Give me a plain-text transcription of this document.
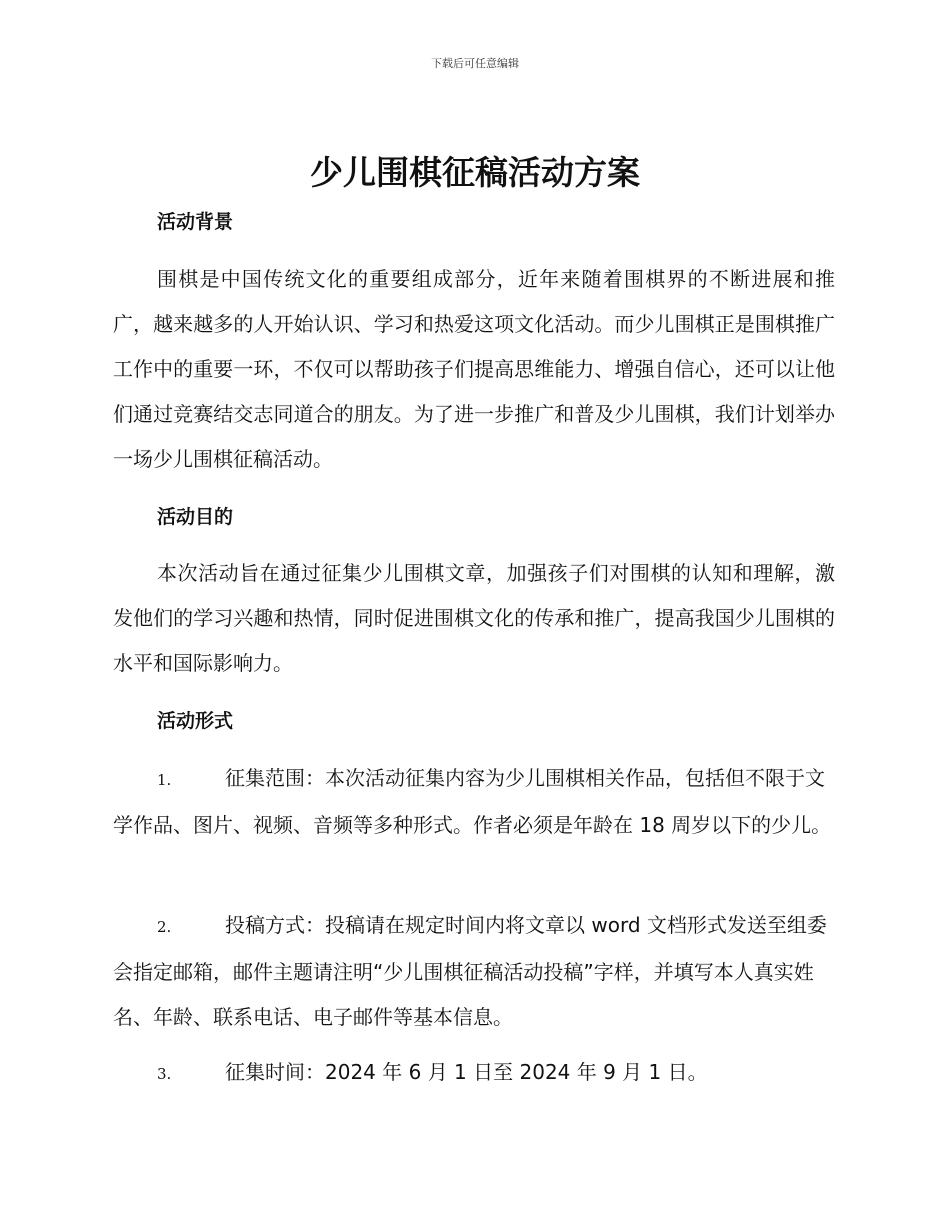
下载后可任意编辑
少儿围棋征稿活动方案
活动背景

围棋是中国传统文化的重要组成部分，近年来随着围棋界的不断进展和推广，越来越多的人开始认识、学习和热爱这项文化活动。而少儿围棋正是围棋推广工作中的重要一环，不仅可以帮助孩子们提高思维能力、增强自信心，还可以让他们通过竞赛结交志同道合的朋友。为了进一步推广和普及少儿围棋，我们计划举办一场少儿围棋征稿活动。

活动目的

本次活动旨在通过征集少儿围棋文章，加强孩子们对围棋的认知和理解，激发他们的学习兴趣和热情，同时促进围棋文化的传承和推广，提高我国少儿围棋的水平和国际影响力。

活动形式

1.	征集范围：本次活动征集内容为少儿围棋相关作品，包括但不限于文学作品、图片、视频、音频等多种形式。作者必须是年龄在 18 周岁以下的少儿。

2.	投稿方式：投稿请在规定时间内将文章以 word 文档形式发送至组委会指定邮箱，邮件主题请注明“少儿围棋征稿活动投稿”字样，并填写本人真实姓名、年龄、联系电话、电子邮件等基本信息。

3.	征集时间：2024 年 6 月 1 日至 2024 年 9 月 1 日。
